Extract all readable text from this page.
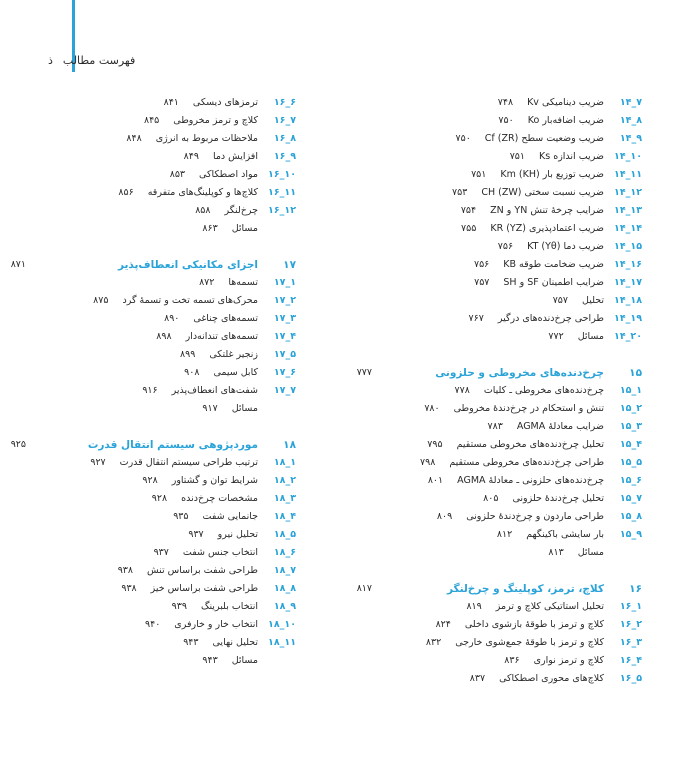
فهرست مطالبذ
۱۴_۷
ضریب دینامیکی Kv
۷۴۸
۱۴_۸
ضریب اضافه‌بار Ko
۷۵۰
۱۴_۹
ضریب وضعیت سطح Cf (ZR)
۷۵۰
۱۴_۱۰
ضریب اندازه Ks
۷۵۱
۱۴_۱۱
ضریب توزیع بار Km (KH)
۷۵۱
۱۴_۱۲
ضریب نسبت سختی CH (ZW)
۷۵۳
۱۴_۱۳
ضرایب چرخهٔ تنش YN و ZN
۷۵۴
۱۴_۱۴
ضریب اعتمادپذیری KR (YZ)
۷۵۵
۱۴_۱۵
ضریب دما KT (Yθ)
۷۵۶
۱۴_۱۶
ضریب ضخامت طوقه KB
۷۵۶
۱۴_۱۷
ضرایب اطمینان SF و SH
۷۵۷
۱۴_۱۸
تحلیل
۷۵۷
۱۴_۱۹
طراحی چرخ‌دنده‌های درگیر
۷۶۷
۱۴_۲۰
مسائل
۷۷۲
۱۵
چرخ‌دنده‌های مخروطی و حلزونی
۷۷۷
۱۵_۱
چرخ‌دنده‌های مخروطی ـ کلیات
۷۷۸
۱۵_۲
تنش و استحکام در چرخ‌دندهٔ مخروطی
۷۸۰
۱۵_۳
ضرایب معادلهٔ AGMA
۷۸۳
۱۵_۴
تحلیل چرخ‌دنده‌های مخروطی مستقیم
۷۹۵
۱۵_۵
طراحی چرخ‌دنده‌های مخروطی مستقیم
۷۹۸
۱۵_۶
چرخ‌دنده‌های حلزونی ـ معادلهٔ AGMA
۸۰۱
۱۵_۷
تحلیل چرخ‌دندهٔ حلزونی
۸۰۵
۱۵_۸
طراحی ماردون و چرخ‌دندهٔ حلزونی
۸۰۹
۱۵_۹
بار سایشی باکینگهم
۸۱۲
مسائل
۸۱۳
۱۶
کلاچ، ترمز، کوپلینگ و چرخ‌لنگر
۸۱۷
۱۶_۱
تحلیل استاتیکی کلاچ و ترمز
۸۱۹
۱۶_۲
کلاچ و ترمز با طوقهٔ بازشوی داخلی
۸۲۴
۱۶_۳
کلاچ و ترمز با طوقهٔ جمع‌شوی خارجی
۸۳۲
۱۶_۴
کلاچ و ترمز نواری
۸۳۶
۱۶_۵
کلاچ‌های محوری اصطکاکی
۸۳۷
۱۶_۶
ترمزهای دیسکی
۸۴۱
۱۶_۷
کلاچ و ترمز مخروطی
۸۴۵
۱۶_۸
ملاحظات مربوط به انرژی
۸۴۸
۱۶_۹
افزایش دما
۸۴۹
۱۶_۱۰
مواد اصطکاکی
۸۵۳
۱۶_۱۱
کلاچ‌ها و کوپلینگ‌های متفرقه
۸۵۶
۱۶_۱۲
چرخ‌لنگر
۸۵۸
مسائل
۸۶۳
۱۷
اجزای مکانیکی انعطاف‌پذیر
۸۷۱
۱۷_۱
تسمه‌ها
۸۷۲
۱۷_۲
محرک‌های تسمه تخت و تسمهٔ گرد
۸۷۵
۱۷_۳
تسمه‌های چناغی
۸۹۰
۱۷_۴
تسمه‌های تندانه‌دار
۸۹۸
۱۷_۵
زنجیر غلتکی
۸۹۹
۱۷_۶
کابل سیمی
۹۰۸
۱۷_۷
شفت‌های انعطاف‌پذیر
۹۱۶
مسائل
۹۱۷
۱۸
موردپژوهی سیستم انتقال قدرت
۹۲۵
۱۸_۱
ترتیب طراحی سیستم انتقال قدرت
۹۲۷
۱۸_۲
شرایط توان و گشتاور
۹۲۸
۱۸_۳
مشخصات چرخ‌دنده
۹۲۸
۱۸_۴
جانمایی شفت
۹۳۵
۱۸_۵
تحلیل نیرو
۹۳۷
۱۸_۶
انتخاب جنس شفت
۹۳۷
۱۸_۷
طراحی شفت براساس تنش
۹۳۸
۱۸_۸
طراحی شفت براساس خیز
۹۳۸
۱۸_۹
انتخاب بلبرینگ
۹۳۹
۱۸_۱۰
انتخاب خار و خارفری
۹۴۰
۱۸_۱۱
تحلیل نهایی
۹۴۳
مسائل
۹۴۳
